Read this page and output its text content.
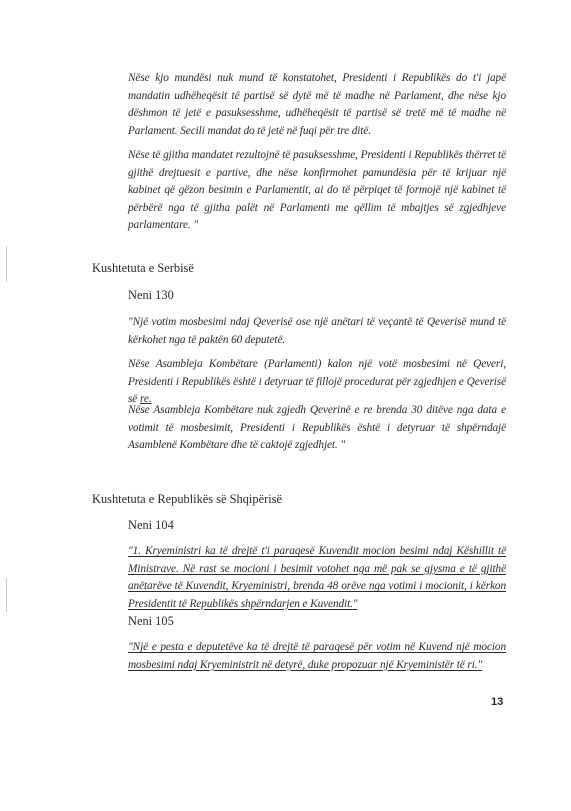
Nëse kjo mundësi nuk mund të konstatohet, Presidenti i Republikës do t'i japë mandatin udhëheqësit të partisë së dytë më të madhe në Parlament, dhe nëse kjo dëshmon të jetë e pasuksesshme, udhëheqësit të partisë së tretë më të madhe në Parlament. Secili mandat do të jetë në fuqi për tre ditë.

Nëse të gjitha mandatet rezultojnë të pasuksesshme, Presidenti i Republikës thërret të gjithë drejtuesit e partive, dhe nëse konfirmohet pamundësia për të krijuar një kabinet që gëzon besimin e Parlamentit, ai do të përpiqet të formojë një kabinet të përbërë nga të gjitha palët në Parlamenti me qëllim të mbajtjes së zgjedhjeve parlamentare. "

Kushtetuta e Serbisë
Neni 130

"Një votim mosbesimi ndaj Qeverisë ose një anëtari të veçantë të Qeverisë mund të kërkohet nga të paktën 60 deputetë.

Nëse Asambleja Kombëtare (Parlamenti) kalon një votë mosbesimi në Qeveri, Presidenti i Republikës është i detyruar të fillojë procedurat për zgjedhjen e Qeverisë së re.

Nëse Asambleja Kombëtare nuk zgjedh Qeverinë e re brenda 30 ditëve nga data e votimit të mosbesimit, Presidenti i Republikës është i detyruar të shpërndajë Asamblenë Kombëtare dhe të caktojë zgjedhjet. "

Kushtetuta e Republikës së Shqipërisë
Neni 104

"1. Kryeministri ka të drejtë t'i paraqesë Kuvendit mocion besimi ndaj Këshillit të Ministrave. Në rast se mocioni i besimit votohet nga më pak se gjysma e të gjithë anëtarëve të Kuvendit, Kryeministri, brenda 48 orëve nga votimi i mocionit, i kërkon Presidentit të Republikës shpërndarjen e Kuvendit."

Neni 105

"Një e pesta e deputetëve ka të drejtë të paraqesë për votim në Kuvend një mocion mosbesimi ndaj Kryeministrit në detyrë, duke propozuar një Kryeministër të ri."

13
